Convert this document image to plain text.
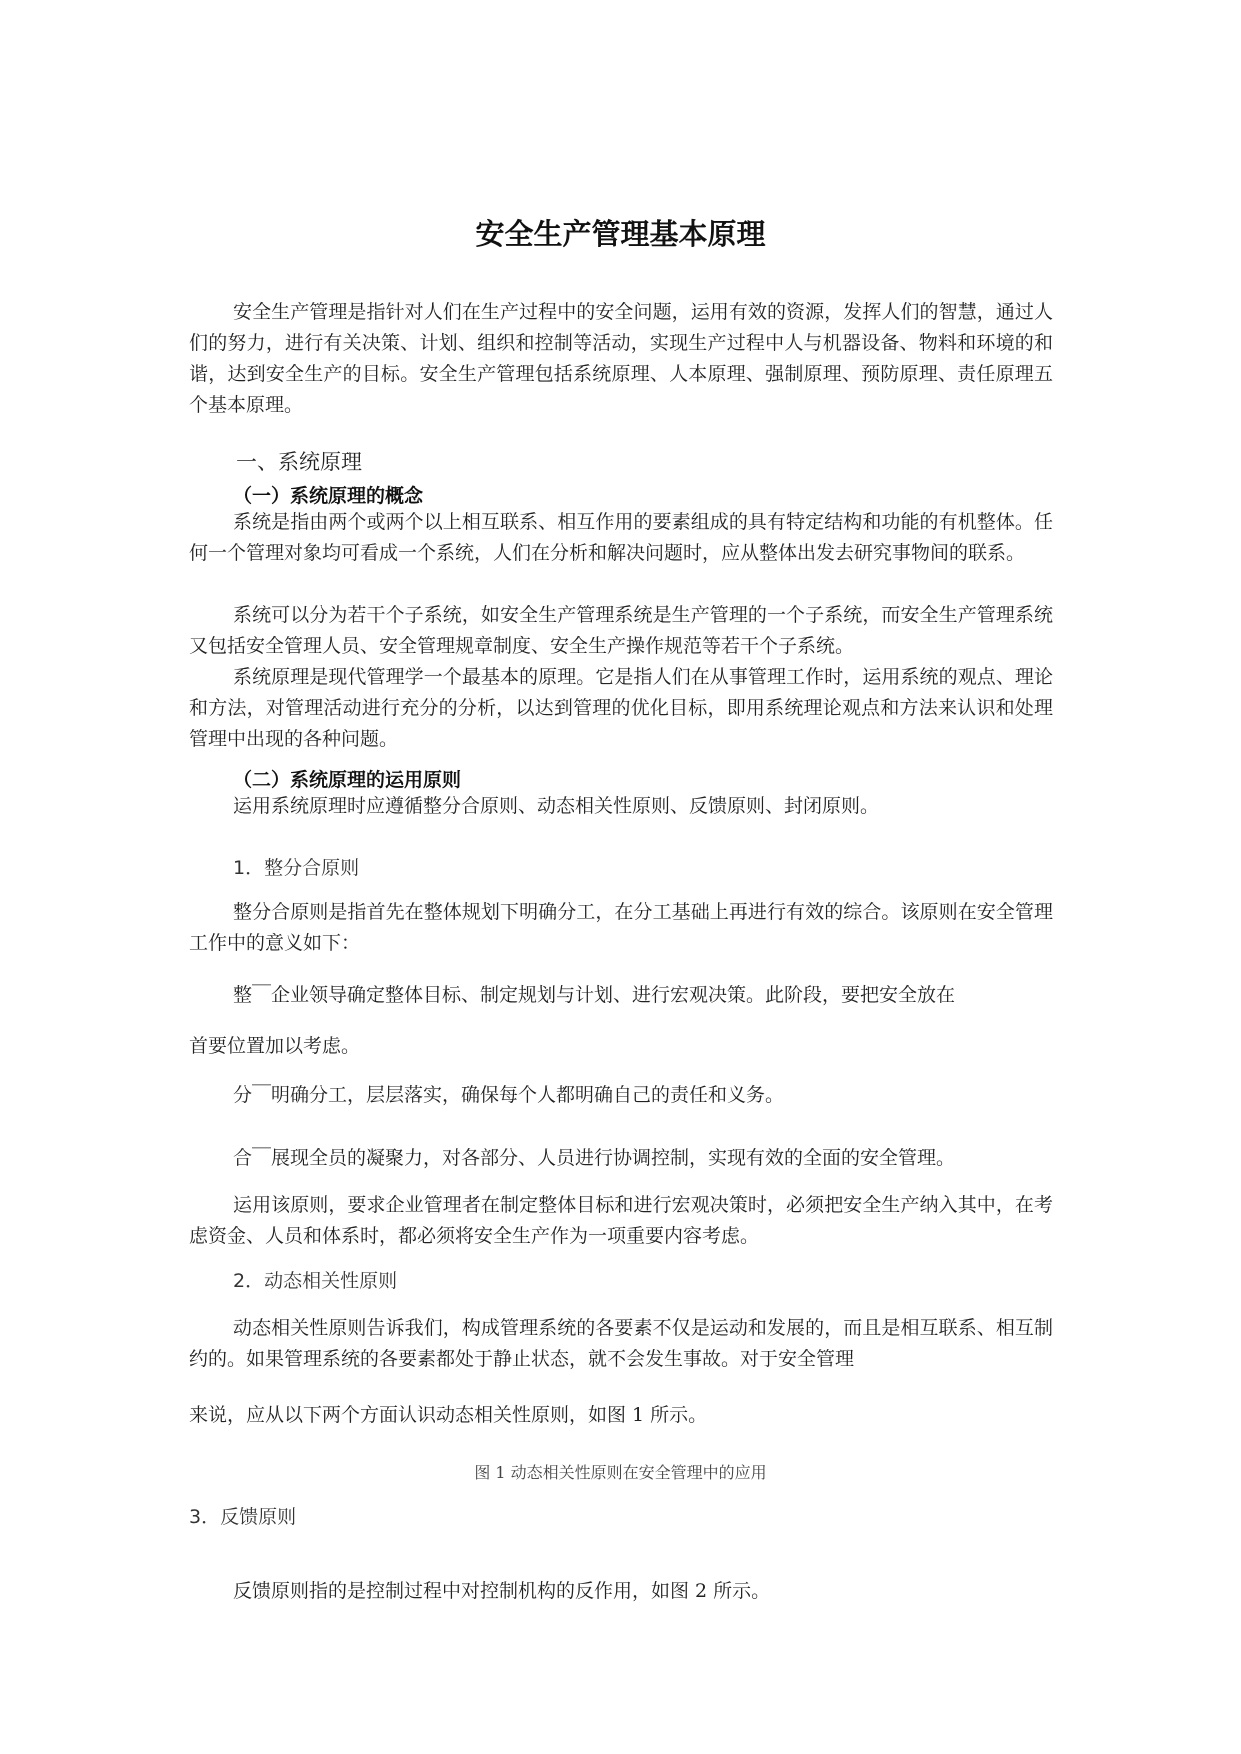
安全生产管理基本原理
安全生产管理是指针对人们在生产过程中的安全问题，运用有效的资源，发挥人们的智慧，通过人们的努力，进行有关决策、计划、组织和控制等活动，实现生产过程中人与机器设备、物料和环境的和谐，达到安全生产的目标。安全生产管理包括系统原理、人本原理、强制原理、预防原理、责任原理五个基本原理。
一、系统原理
（一）系统原理的概念
系统是指由两个或两个以上相互联系、相互作用的要素组成的具有特定结构和功能的有机整体。任何一个管理对象均可看成一个系统，人们在分析和解决问题时，应从整体出发去研究事物间的联系。
系统可以分为若干个子系统，如安全生产管理系统是生产管理的一个子系统，而安全生产管理系统又包括安全管理人员、安全管理规章制度、安全生产操作规范等若干个子系统。
系统原理是现代管理学一个最基本的原理。它是指人们在从事管理工作时，运用系统的观点、理论和方法，对管理活动进行充分的分析，以达到管理的优化目标，即用系统理论观点和方法来认识和处理管理中出现的各种问题。
（二）系统原理的运用原则
运用系统原理时应遵循整分合原则、动态相关性原则、反馈原则、封闭原则。
1．整分合原则
整分合原则是指首先在整体规划下明确分工，在分工基础上再进行有效的综合。该原则在安全管理工作中的意义如下：
整￣企业领导确定整体目标、制定规划与计划、进行宏观决策。此阶段，要把安全放在
首要位置加以考虑。
分￣明确分工，层层落实，确保每个人都明确自己的责任和义务。
合￣展现全员的凝聚力，对各部分、人员进行协调控制，实现有效的全面的安全管理。
运用该原则，要求企业管理者在制定整体目标和进行宏观决策时，必须把安全生产纳入其中，在考虑资金、人员和体系时，都必须将安全生产作为一项重要内容考虑。
2．动态相关性原则
动态相关性原则告诉我们，构成管理系统的各要素不仅是运动和发展的，而且是相互联系、相互制约的。如果管理系统的各要素都处于静止状态，就不会发生事故。对于安全管理
来说，应从以下两个方面认识动态相关性原则，如图 1 所示。
图 1 动态相关性原则在安全管理中的应用
3．反馈原则
反馈原则指的是控制过程中对控制机构的反作用，如图 2 所示。
